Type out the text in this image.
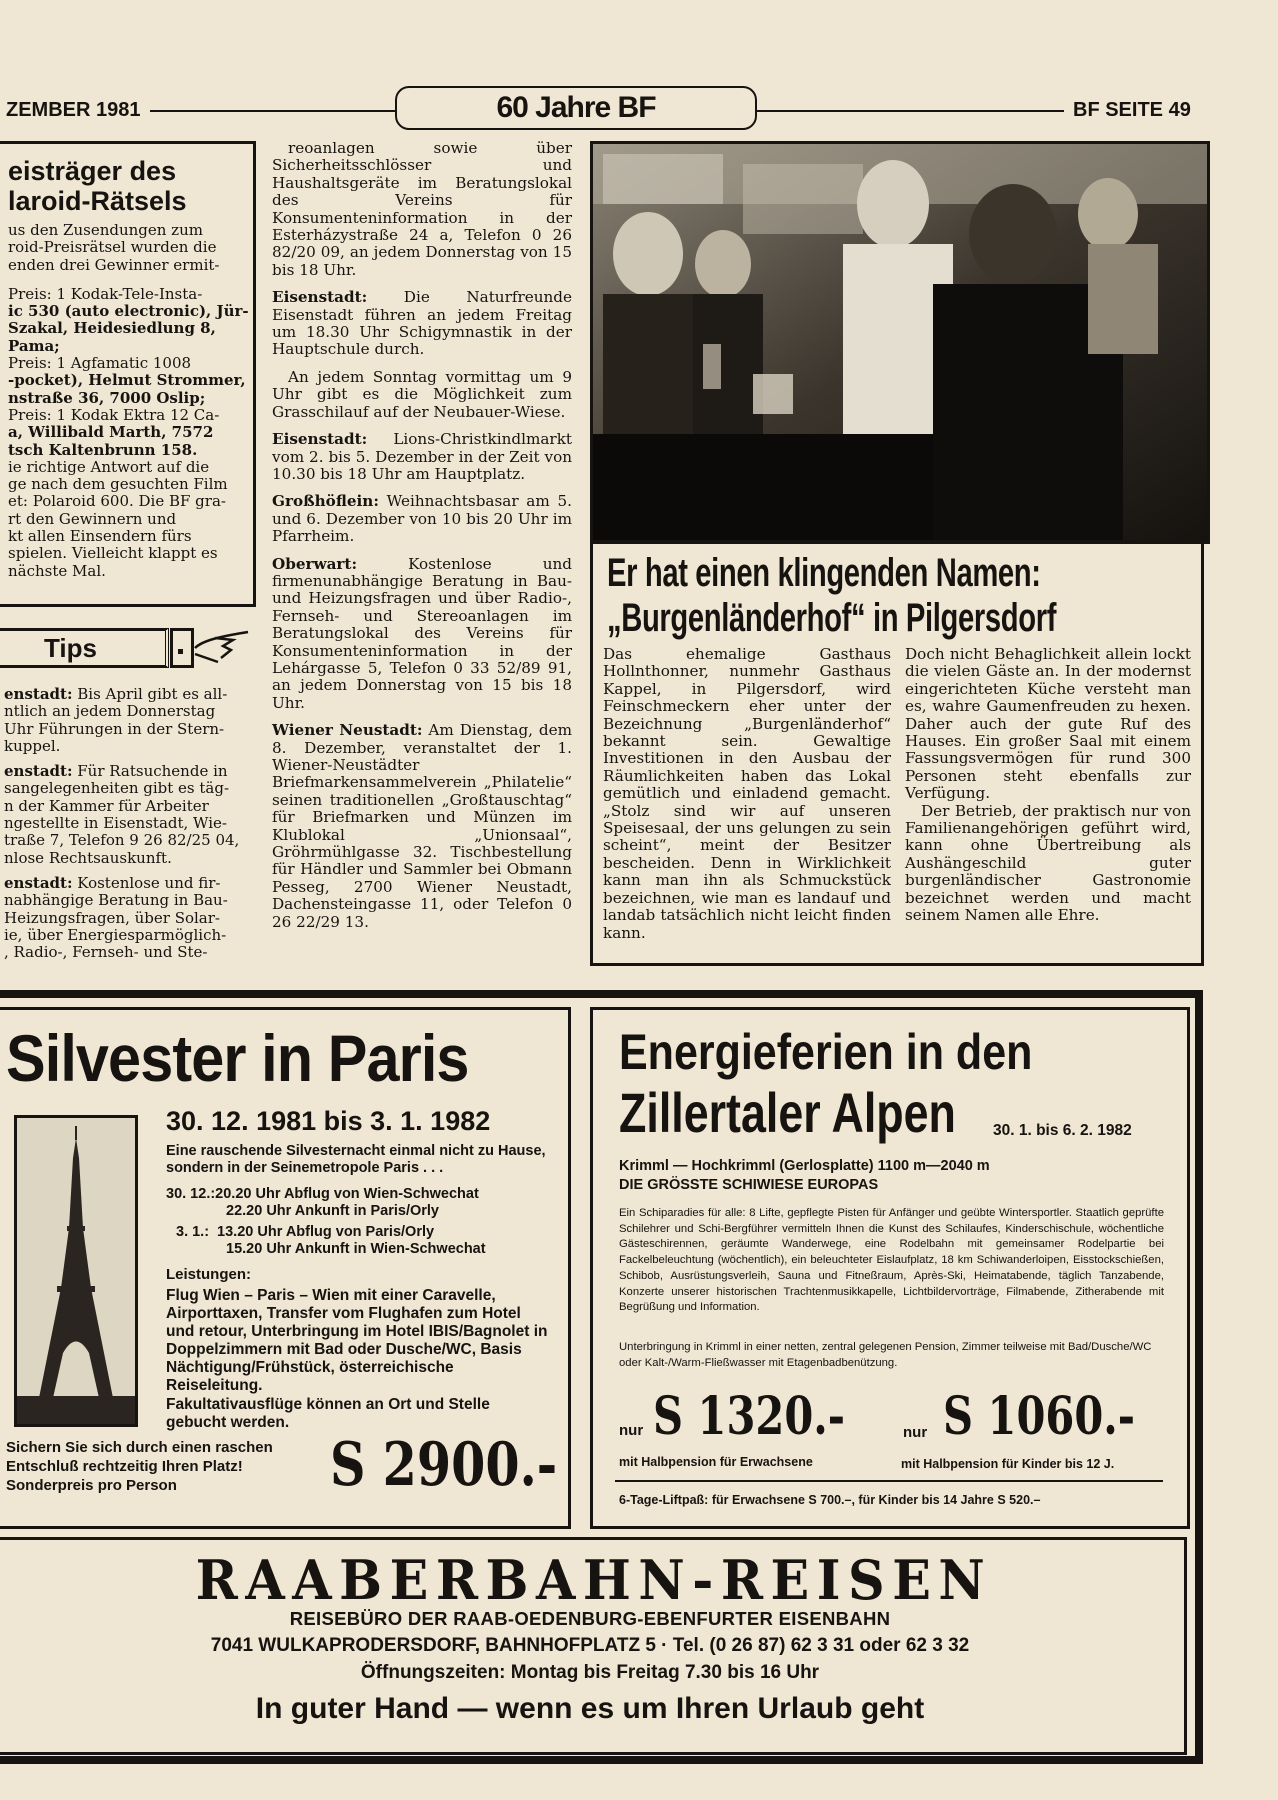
ZEMBER 1981	60 Jahre BF	BF SEITE 49
eisträger des
laroid-Rätsels
us den Zusendungen zum
roid-Preisrätsel wurden die
enden drei Gewinner ermit-
Preis: 1 Kodak-Tele-Insta-
ic 530 (auto electronic), Jür-
Szakal, Heidesiedlung 8,
Pama;
Preis: 1 Agfamatic 1008
-pocket), Helmut Strommer,
nstraße 36, 7000 Oslip;
Preis: 1 Kodak Ektra 12 Ca-
a, Willibald Marth, 7572
tsch Kaltenbrunn 158.
ie richtige Antwort auf die
ge nach dem gesuchten Film
et: Polaroid 600. Die BF gra-
rt den Gewinnern und
kt allen Einsendern fürs
spielen. Vielleicht klappt es
nächste Mal.
Tips
enstadt: Bis April gibt es all-
ntlich an jedem Donnerstag
Uhr Führungen in der Stern-
kuppel.
enstadt: Für Ratsuchende in
sangelegenheiten gibt es täg-
n der Kammer für Arbeiter
ngestellte in Eisenstadt, Wie-
traße 7, Telefon 9 26 82/25 04,
nlose Rechtsauskunft.
enstadt: Kostenlose und fir-
nabhängige Beratung in Bau-
Heizungsfragen, über Solar-
ie, über Energiesparmöglich-
, Radio-, Fernseh- und Ste-

reoanlagen sowie über Sicherheitsschlösser und Haushaltsgeräte im Beratungslokal des Vereins für Konsumenteninformation in der Esterházystraße 24 a, Telefon 0 26 82/20 09, an jedem Donnerstag von 15 bis 18 Uhr.

Eisenstadt: Die Naturfreunde Eisenstadt führen an jedem Freitag um 18.30 Uhr Schigymnastik in der Hauptschule durch.

An jedem Sonntag vormittag um 9 Uhr gibt es die Möglichkeit zum Grasschilauf auf der Neubauer-Wiese.

Eisenstadt: Lions-Christkindlmarkt vom 2. bis 5. Dezember in der Zeit von 10.30 bis 18 Uhr am Hauptplatz.

Großhöflein: Weihnachtsbasar am 5. und 6. Dezember von 10 bis 20 Uhr im Pfarrheim.

Oberwart: Kostenlose und firmenunabhängige Beratung in Bau- und Heizungsfragen und über Radio-, Fernseh- und Stereoanlagen im Beratungslokal des Vereins für Konsumenteninformation in der Lehárgasse 5, Telefon 0 33 52/89 91, an jedem Donnerstag von 15 bis 18 Uhr.

Wiener Neustadt: Am Dienstag, dem 8. Dezember, veranstaltet der 1. Wiener-Neustädter Briefmarkensammelverein „Philatelie“ seinen traditionellen „Großtauschtag“ für Briefmarken und Münzen im Klublokal „Unionsaal“, Gröhrmühlgasse 32. Tischbestellung für Händler und Sammler bei Obmann Pesseg, 2700 Wiener Neustadt, Dachensteingasse 11, oder Telefon 0 26 22/29 13.

Er hat einen klingenden Namen:
„Burgenländerhof“ in Pilgersdorf

Das ehemalige Gasthaus Hollnthonner, nunmehr Gasthaus Kappel, in Pilgersdorf, wird Feinschmeckern eher unter der Bezeichnung „Burgenländerhof“ bekannt sein. Gewaltige Investitionen in den Ausbau der Räumlichkeiten haben das Lokal gemütlich und einladend gemacht. „Stolz sind wir auf unseren Speisesaal, der uns gelungen zu sein scheint“, meint der Besitzer bescheiden. Denn in Wirklichkeit kann man ihn als Schmuckstück bezeichnen, wie man es landauf und landab tatsächlich nicht leicht finden kann.

Doch nicht Behaglichkeit allein lockt die vielen Gäste an. In der modernst eingerichteten Küche versteht man es, wahre Gaumenfreuden zu hexen. Daher auch der gute Ruf des Hauses. Ein großer Saal mit einem Fassungsvermögen für rund 300 Personen steht ebenfalls zur Verfügung.

Der Betrieb, der praktisch nur von Familienangehörigen geführt wird, kann ohne Übertreibung als Aushängeschild guter burgenländischer Gastronomie bezeichnet werden und macht seinem Namen alle Ehre.

Silvester in Paris
30. 12. 1981 bis 3. 1. 1982
Eine rauschende Silvesternacht einmal nicht zu Hause, sondern in der Seinemetropole Paris . . .
30. 12.:20.20 Uhr Abflug von Wien-Schwechat
22.20 Uhr Ankunft in Paris/Orly
3. 1.: 13.20 Uhr Abflug von Paris/Orly
15.20 Uhr Ankunft in Wien-Schwechat
Leistungen:
Flug Wien – Paris – Wien mit einer Caravelle, Airporttaxen, Transfer vom Flughafen zum Hotel und retour, Unterbringung im Hotel IBIS/Bagnolet in Doppelzimmern mit Bad oder Dusche/WC, Basis Nächtigung/Frühstück, österreichische Reiseleitung.
Fakultativausflüge können an Ort und Stelle gebucht werden.
Sichern Sie sich durch einen raschen
Entschluß rechtzeitig Ihren Platz!
Sonderpreis pro Person	S 2900.-
Energieferien in den
Zillertaler Alpen 30. 1. bis 6. 2. 1982
Krimml — Hochkrimml (Gerlosplatte) 1100 m—2040 m
DIE GRÖSSTE SCHIWIESE EUROPAS
Ein Schiparadies für alle: 8 Lifte, gepflegte Pisten für Anfänger und geübte Wintersportler. Staatlich geprüfte Schilehrer und Schi-Bergführer vermitteln Ihnen die Kunst des Schilaufes, Kinderschischule, wöchentliche Gästeschirennen, geräumte Wanderwege, eine Rodelbahn mit gemeinsamer Rodelpartie bei Fackelbeleuchtung (wöchentlich), ein beleuchteter Eislaufplatz, 18 km Schiwanderloipen, Eisstockschießen, Schibob, Ausrüstungsverleih, Sauna und Fitneßraum, Après-Ski, Heimatabende, täglich Tanzabende, Konzerte unserer historischen Trachtenmusikkapelle, Lichtbildervorträge, Filmabende, Zitherabende mit Begrüßung und Information.
Unterbringung in Krimml in einer netten, zentral gelegenen Pension, Zimmer teilweise mit Bad/Dusche/WC oder Kalt-/Warm-Fließwasser mit Etagenbadbenützung.
nur S 1320.-	nur S 1060.-
mit Halbpension für Erwachsene	mit Halbpension für Kinder bis 12 J.
6-Tage-Liftpaß: für Erwachsene S 700.–, für Kinder bis 14 Jahre S 520.–
RAABERBAHN-REISEN
REISEBÜRO DER RAAB-OEDENBURG-EBENFURTER EISENBAHN
7041 WULKAPRODERSDORF, BAHNHOFPLATZ 5 · Tel. (0 26 87) 62 3 31 oder 62 3 32
Öffnungszeiten: Montag bis Freitag 7.30 bis 16 Uhr
In guter Hand — wenn es um Ihren Urlaub geht
